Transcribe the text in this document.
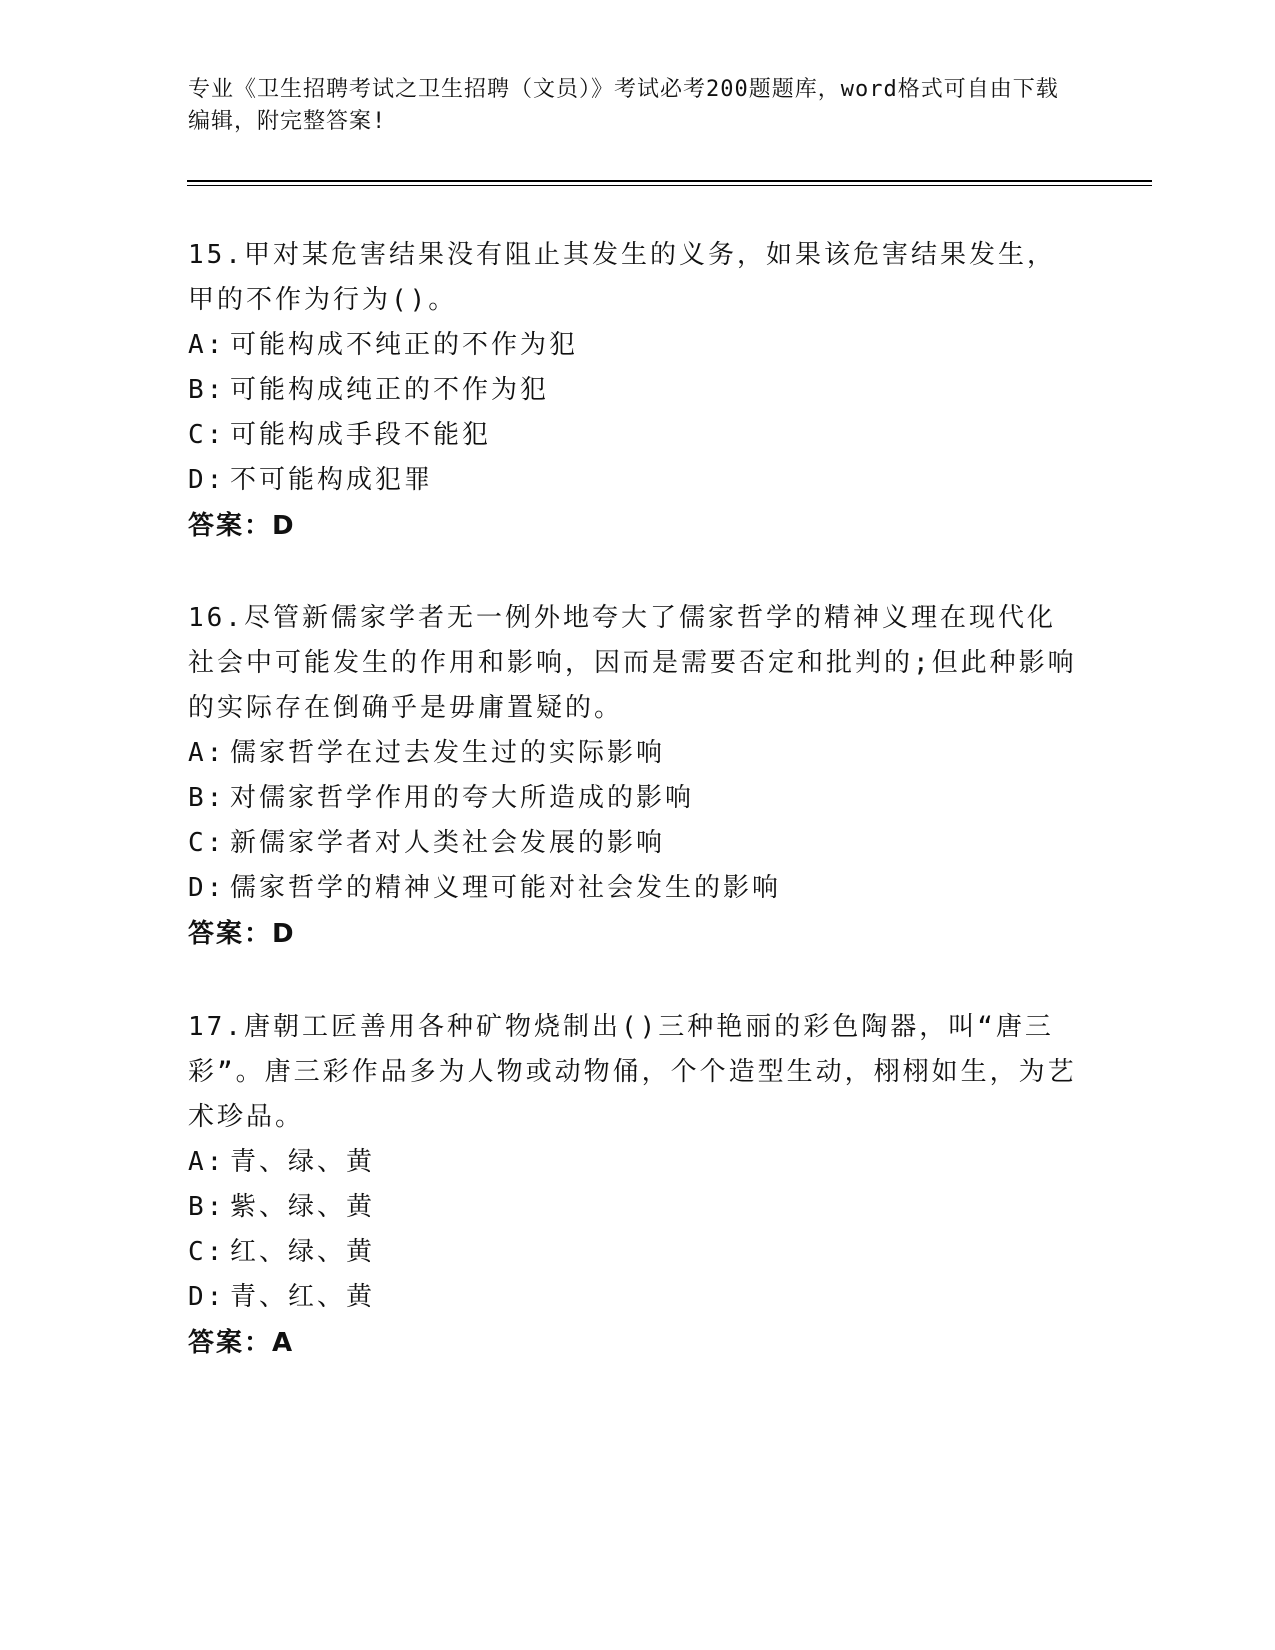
专业《卫生招聘考试之卫生招聘（文员）》考试必考200题题库，word格式可自由下载编辑，附完整答案!

15.甲对某危害结果没有阻止其发生的义务，如果该危害结果发生，甲的不作为行为()。

A: 可能构成不纯正的不作为犯

B: 可能构成纯正的不作为犯

C: 可能构成手段不能犯

D: 不可能构成犯罪

答案：D

16.尽管新儒家学者无一例外地夸大了儒家哲学的精神义理在现代化社会中可能发生的作用和影响，因而是需要否定和批判的;但此种影响的实际存在倒确乎是毋庸置疑的。

A: 儒家哲学在过去发生过的实际影响

B: 对儒家哲学作用的夸大所造成的影响

C: 新儒家学者对人类社会发展的影响

D: 儒家哲学的精神义理可能对社会发生的影响

答案：D

17.唐朝工匠善用各种矿物烧制出()三种艳丽的彩色陶器，叫“唐三彩”。唐三彩作品多为人物或动物俑，个个造型生动，栩栩如生，为艺术珍品。

A: 青、绿、黄

B: 紫、绿、黄

C: 红、绿、黄

D: 青、红、黄

答案：A
